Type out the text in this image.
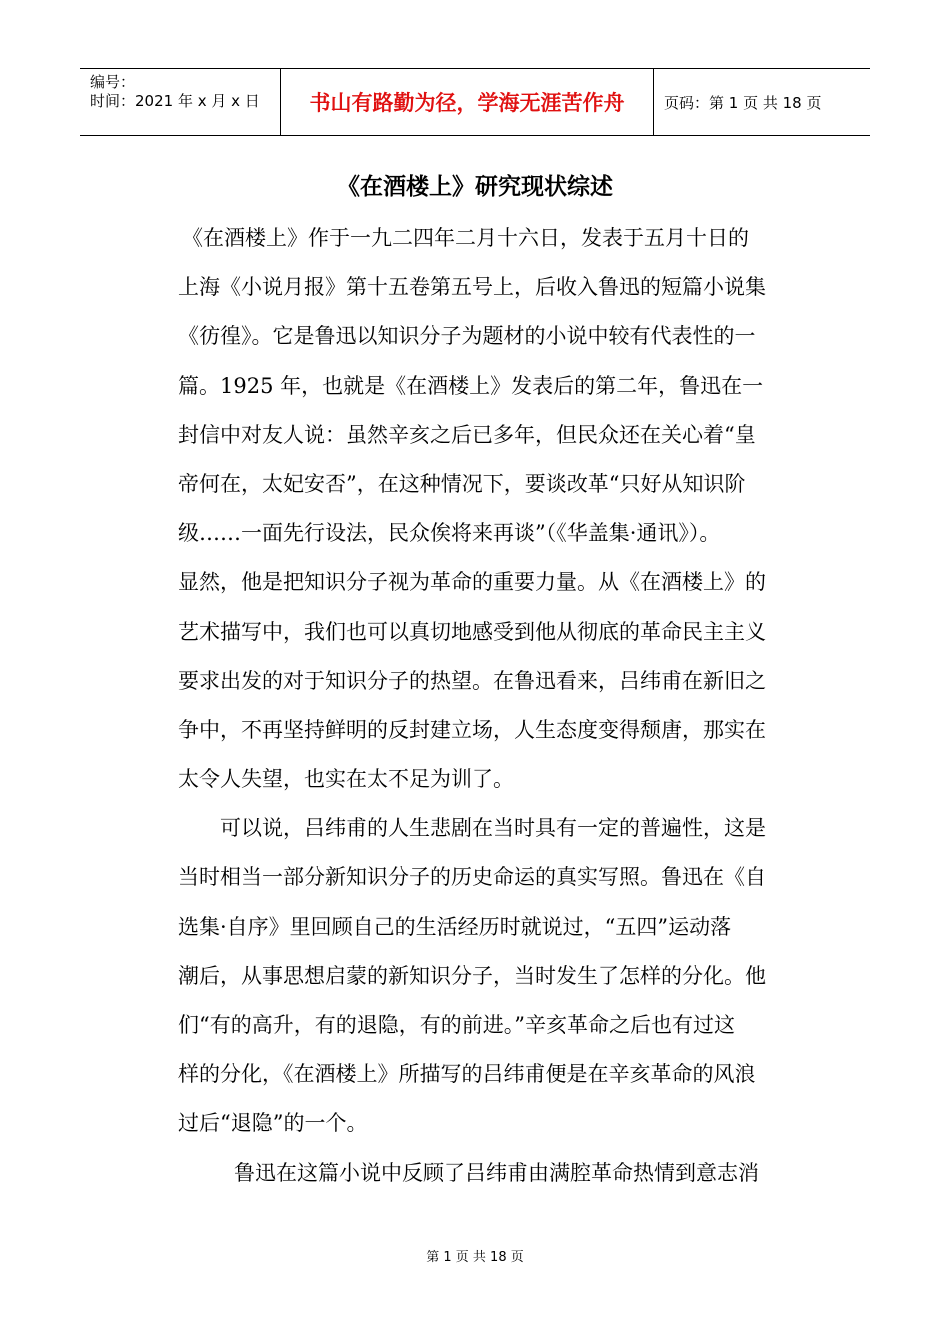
编号：
时间：2021 年 x 月 x 日	书山有路勤为径，学海无涯苦作舟	页码：第 1 页 共 18 页
《在酒楼上》研究现状综述
《在酒楼上》作于一九二四年二月十六日，发表于五月十日的
上海《小说月报》第十五卷第五号上，后收入鲁迅的短篇小说集
《彷徨》。它是鲁迅以知识分子为题材的小说中较有代表性的一
篇。1925 年，也就是《在酒楼上》发表后的第二年，鲁迅在一
封信中对友人说：虽然辛亥之后已多年，但民众还在关心着“皇
帝何在，太妃安否”，在这种情况下，要谈改革“只好从知识阶
级……一面先行设法，民众俟将来再谈”（《华盖集·通讯》）。
显然，他是把知识分子视为革命的重要力量。从《在酒楼上》的
艺术描写中，我们也可以真切地感受到他从彻底的革命民主主义
要求出发的对于知识分子的热望。在鲁迅看来，吕纬甫在新旧之
争中，不再坚持鲜明的反封建立场，人生态度变得颓唐，那实在
太令人失望，也实在太不足为训了。
可以说，吕纬甫的人生悲剧在当时具有一定的普遍性，这是
当时相当一部分新知识分子的历史命运的真实写照。鲁迅在《自
选集·自序》里回顾自己的生活经历时就说过，“五四”运动落
潮后，从事思想启蒙的新知识分子，当时发生了怎样的分化。他
们“有的高升，有的退隐，有的前进。”辛亥革命之后也有过这
样的分化，《在酒楼上》所描写的吕纬甫便是在辛亥革命的风浪
过后“退隐”的一个。
鲁迅在这篇小说中反顾了吕纬甫由满腔革命热情到意志消
第 1 页 共 18 页
